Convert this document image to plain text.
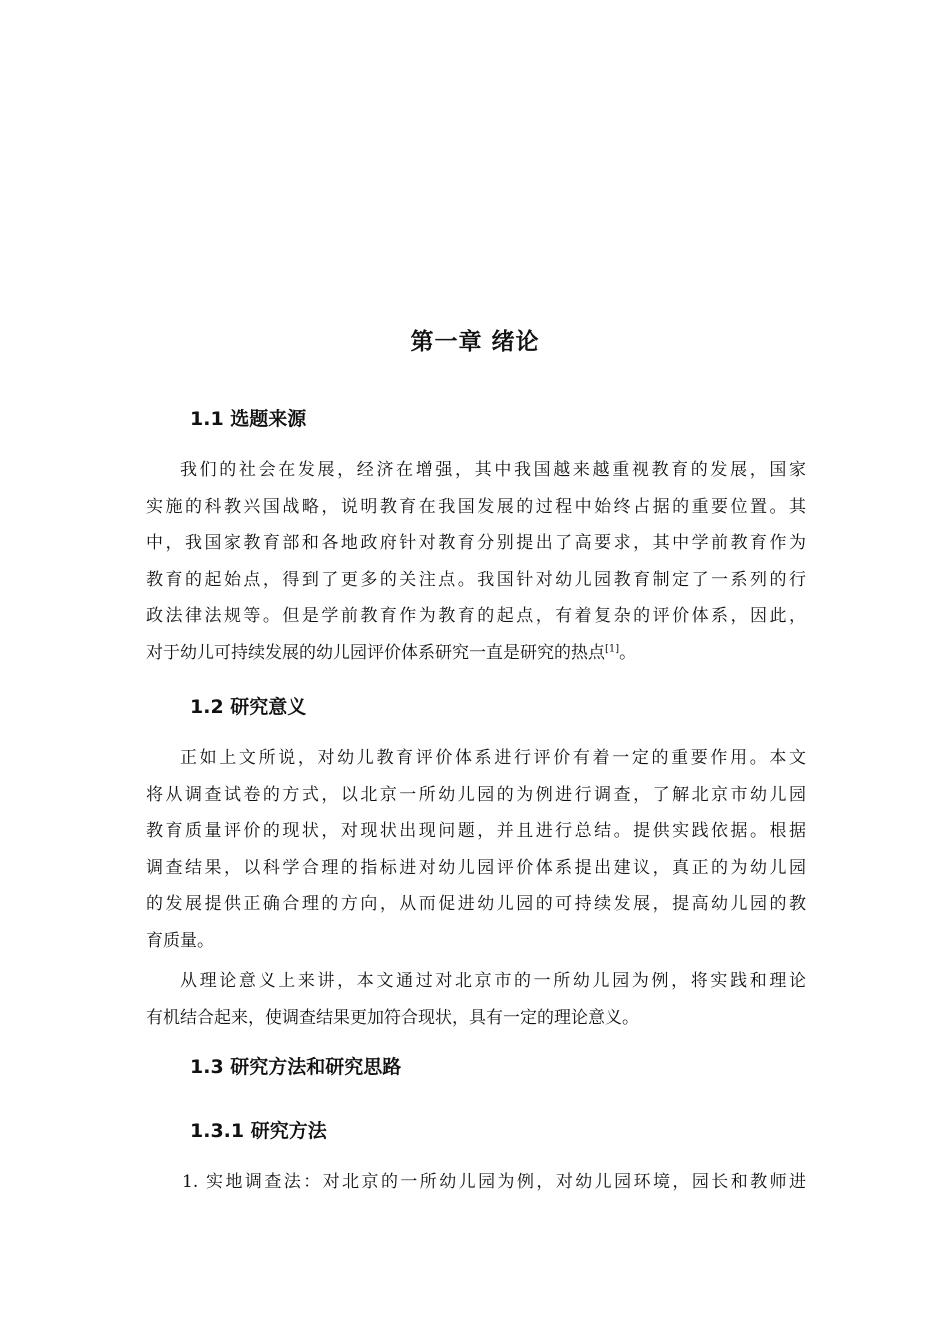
第一章 绪论
1.1 选题来源
我们的社会在发展，经济在增强，其中我国越来越重视教育的发展，国家
实施的科教兴国战略，说明教育在我国发展的过程中始终占据的重要位置。其
中，我国家教育部和各地政府针对教育分别提出了高要求，其中学前教育作为
教育的起始点，得到了更多的关注点。我国针对幼儿园教育制定了一系列的行
政法律法规等。但是学前教育作为教育的起点，有着复杂的评价体系，因此，
对于幼儿可持续发展的幼儿园评价体系研究一直是研究的热点[1]。
1.2 研究意义
正如上文所说，对幼儿教育评价体系进行评价有着一定的重要作用。本文
将从调查试卷的方式，以北京一所幼儿园的为例进行调查，了解北京市幼儿园
教育质量评价的现状，对现状出现问题，并且进行总结。提供实践依据。根据
调查结果，以科学合理的指标进对幼儿园评价体系提出建议，真正的为幼儿园
的发展提供正确合理的方向，从而促进幼儿园的可持续发展，提高幼儿园的教
育质量。
从理论意义上来讲，本文通过对北京市的一所幼儿园为例，将实践和理论
有机结合起来，使调查结果更加符合现状，具有一定的理论意义。
1.3 研究方法和研究思路
1.3.1 研究方法
1. 实地调查法：对北京的一所幼儿园为例，对幼儿园环境，园长和教师进
